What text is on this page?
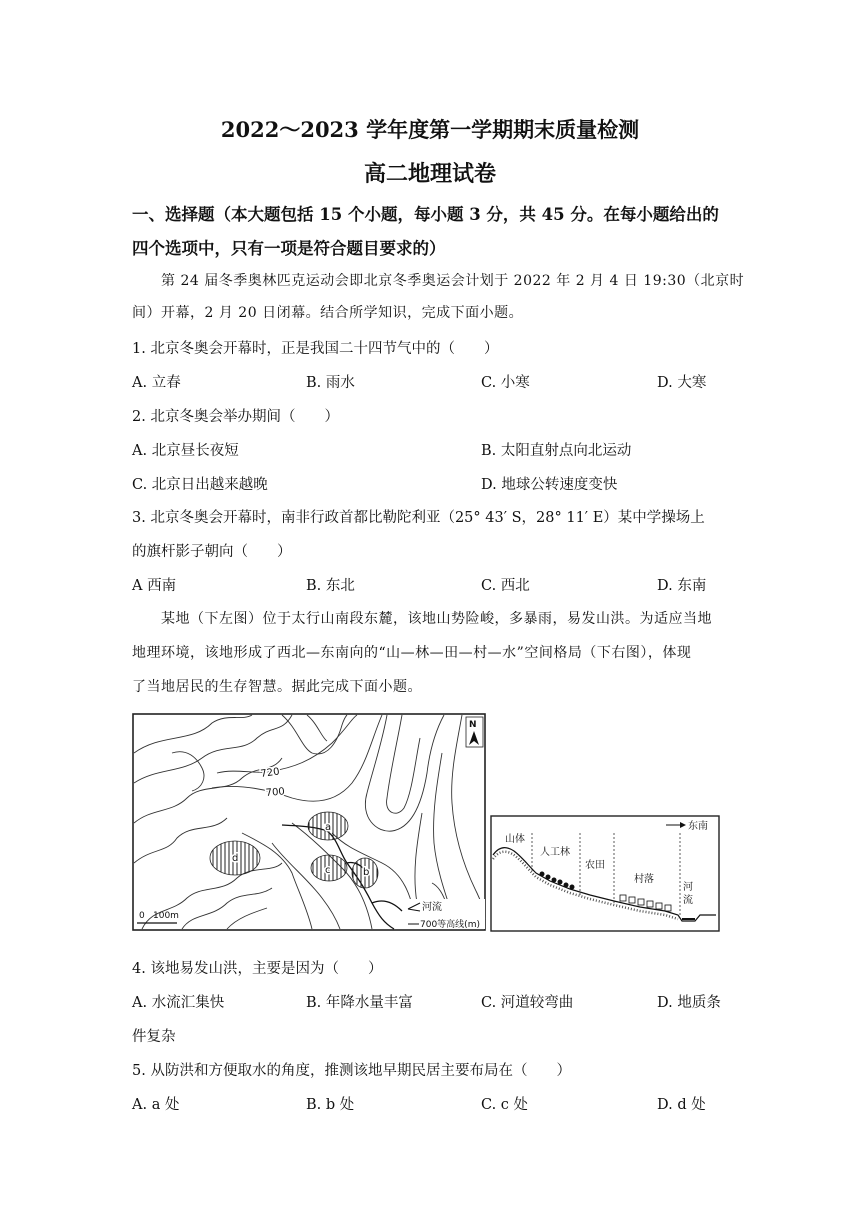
2022～2023 学年度第一学期期末质量检测
高二地理试卷
一、选择题（本大题包括 15 个小题，每小题 3 分，共 45 分。在每小题给出的
四个选项中，只有一项是符合题目要求的）
第 24 届冬季奥林匹克运动会即北京冬季奥运会计划于 2022 年 2 月 4 日 19:30（北京时
间）开幕，2 月 20 日闭幕。结合所学知识，完成下面小题。
1. 北京冬奥会开幕时，正是我国二十四节气中的（　　）
A. 立春	B. 雨水	C. 小寒	D. 大寒
2. 北京冬奥会举办期间（　　）
A. 北京昼长夜短	B. 太阳直射点向北运动
C. 北京日出越来越晚	D. 地球公转速度变快
3. 北京冬奥会开幕时，南非行政首都比勒陀利亚（25° 43′ S，28° 11′ E）某中学操场上
的旗杆影子朝向（　　）
A 西南	B. 东北	C. 西北	D. 东南
某地（下左图）位于太行山南段东麓，该地山势险峻，多暴雨，易发山洪。为适应当地
地理环境，该地形成了西北—东南向的“山—林—田—村—水”空间格局（下右图），体现
了当地居民的生存智慧。据此完成下面小题。
a
b
c
d
720
700
N
0 100m
河流
700等高线(m)
东南
山体
人工林
农田
村落
河
流
4. 该地易发山洪，主要是因为（　　）
A. 水流汇集快	B. 年降水量丰富	C. 河道较弯曲	D. 地质条
件复杂
5. 从防洪和方便取水的角度，推测该地早期民居主要布局在（　　）
A. a 处	B. b 处	C. c 处	D. d 处
